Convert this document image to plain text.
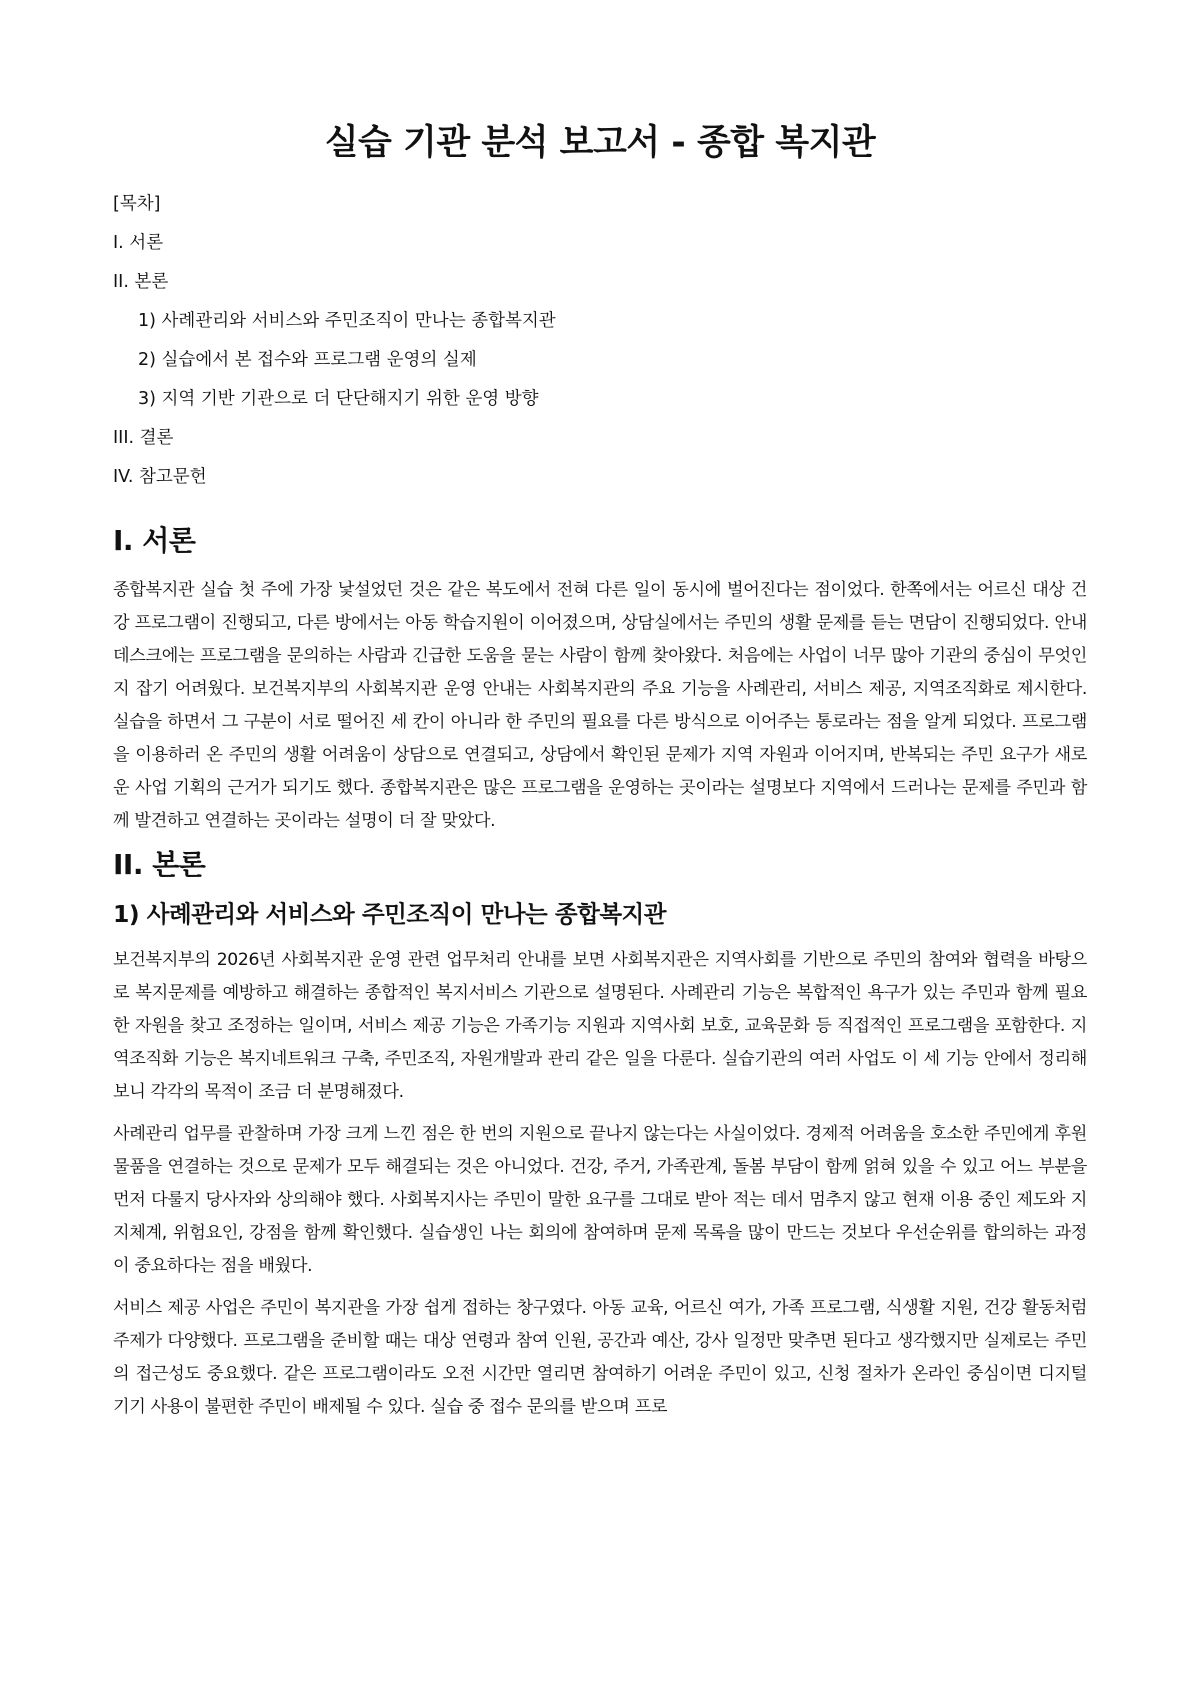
실습 기관 분석 보고서 - 종합 복지관
[목차]
I. 서론
II. 본론
1) 사례관리와 서비스와 주민조직이 만나는 종합복지관
2) 실습에서 본 접수와 프로그램 운영의 실제
3) 지역 기반 기관으로 더 단단해지기 위한 운영 방향
III. 결론
IV. 참고문헌
I. 서론

종합복지관 실습 첫 주에 가장 낯설었던 것은 같은 복도에서 전혀 다른 일이 동시에 벌어진다는 점이었다. 한쪽에서는 어르신 대상 건강 프로그램이 진행되고, 다른 방에서는 아동 학습지원이 이어졌으며, 상담실에서는 주민의 생활 문제를 듣는 면담이 진행되었다. 안내데스크에는 프로그램을 문의하는 사람과 긴급한 도움을 묻는 사람이 함께 찾아왔다. 처음에는 사업이 너무 많아 기관의 중심이 무엇인지 잡기 어려웠다. 보건복지부의 사회복지관 운영 안내는 사회복지관의 주요 기능을 사례관리, 서비스 제공, 지역조직화로 제시한다. 실습을 하면서 그 구분이 서로 떨어진 세 칸이 아니라 한 주민의 필요를 다른 방식으로 이어주는 통로라는 점을 알게 되었다. 프로그램을 이용하러 온 주민의 생활 어려움이 상담으로 연결되고, 상담에서 확인된 문제가 지역 자원과 이어지며, 반복되는 주민 요구가 새로운 사업 기획의 근거가 되기도 했다. 종합복지관은 많은 프로그램을 운영하는 곳이라는 설명보다 지역에서 드러나는 문제를 주민과 함께 발견하고 연결하는 곳이라는 설명이 더 잘 맞았다.

II. 본론
1) 사례관리와 서비스와 주민조직이 만나는 종합복지관

보건복지부의 2026년 사회복지관 운영 관련 업무처리 안내를 보면 사회복지관은 지역사회를 기반으로 주민의 참여와 협력을 바탕으로 복지문제를 예방하고 해결하는 종합적인 복지서비스 기관으로 설명된다. 사례관리 기능은 복합적인 욕구가 있는 주민과 함께 필요한 자원을 찾고 조정하는 일이며, 서비스 제공 기능은 가족기능 지원과 지역사회 보호, 교육문화 등 직접적인 프로그램을 포함한다. 지역조직화 기능은 복지네트워크 구축, 주민조직, 자원개발과 관리 같은 일을 다룬다. 실습기관의 여러 사업도 이 세 기능 안에서 정리해 보니 각각의 목적이 조금 더 분명해졌다.

사례관리 업무를 관찰하며 가장 크게 느낀 점은 한 번의 지원으로 끝나지 않는다는 사실이었다. 경제적 어려움을 호소한 주민에게 후원물품을 연결하는 것으로 문제가 모두 해결되는 것은 아니었다. 건강, 주거, 가족관계, 돌봄 부담이 함께 얽혀 있을 수 있고 어느 부분을 먼저 다룰지 당사자와 상의해야 했다. 사회복지사는 주민이 말한 요구를 그대로 받아 적는 데서 멈추지 않고 현재 이용 중인 제도와 지지체계, 위험요인, 강점을 함께 확인했다. 실습생인 나는 회의에 참여하며 문제 목록을 많이 만드는 것보다 우선순위를 합의하는 과정이 중요하다는 점을 배웠다.

서비스 제공 사업은 주민이 복지관을 가장 쉽게 접하는 창구였다. 아동 교육, 어르신 여가, 가족 프로그램, 식생활 지원, 건강 활동처럼 주제가 다양했다. 프로그램을 준비할 때는 대상 연령과 참여 인원, 공간과 예산, 강사 일정만 맞추면 된다고 생각했지만 실제로는 주민의 접근성도 중요했다. 같은 프로그램이라도 오전 시간만 열리면 참여하기 어려운 주민이 있고, 신청 절차가 온라인 중심이면 디지털 기기 사용이 불편한 주민이 배제될 수 있다. 실습 중 접수 문의를 받으며 프로
